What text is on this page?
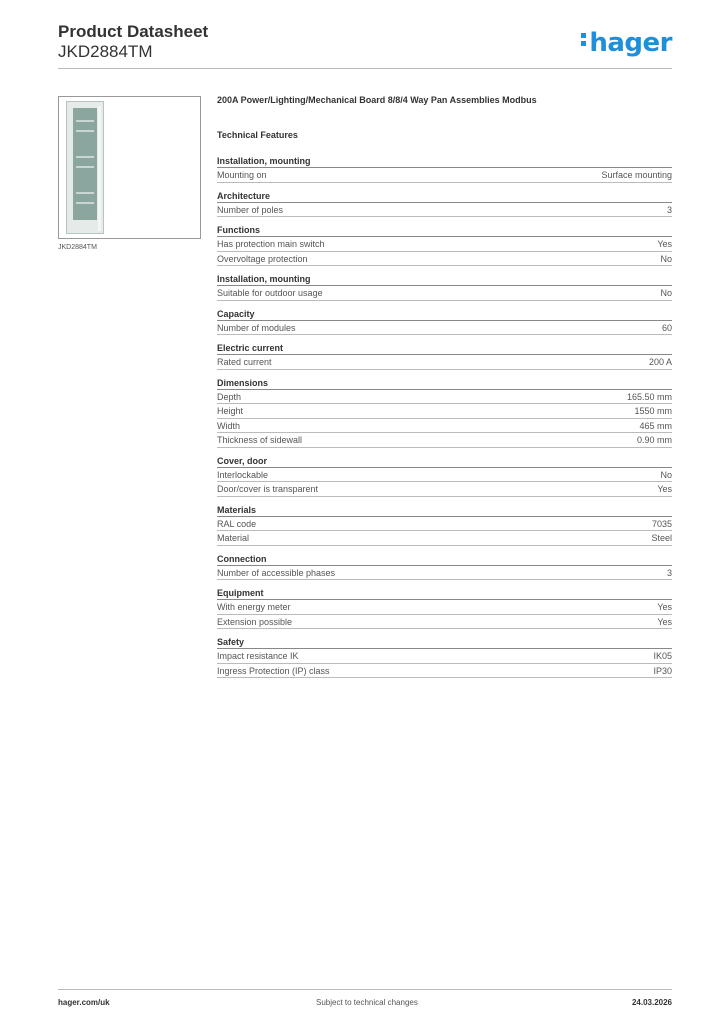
Product Datasheet
JKD2884TM	hager
JKD2884TM
200A Power/Lighting/Mechanical Board 8/8/4 Way Pan Assemblies Modbus
Technical Features
Installation, mounting
Mounting on	Surface mounting
Architecture
Number of poles	3
Functions
Has protection main switch	Yes
Overvoltage protection	No
Installation, mounting
Suitable for outdoor usage	No
Capacity
Number of modules	60
Electric current
Rated current	200 A
Dimensions
Depth	165.50 mm
Height	1550 mm
Width	465 mm
Thickness of sidewall	0.90 mm
Cover, door
Interlockable	No
Door/cover is transparent	Yes
Materials
RAL code	7035
Material	Steel
Connection
Number of accessible phases	3
Equipment
With energy meter	Yes
Extension possible	Yes
Safety
Impact resistance IK	IK05
Ingress Protection (IP) class	IP30
hager.com/uk	Subject to technical changes	24.03.2026
